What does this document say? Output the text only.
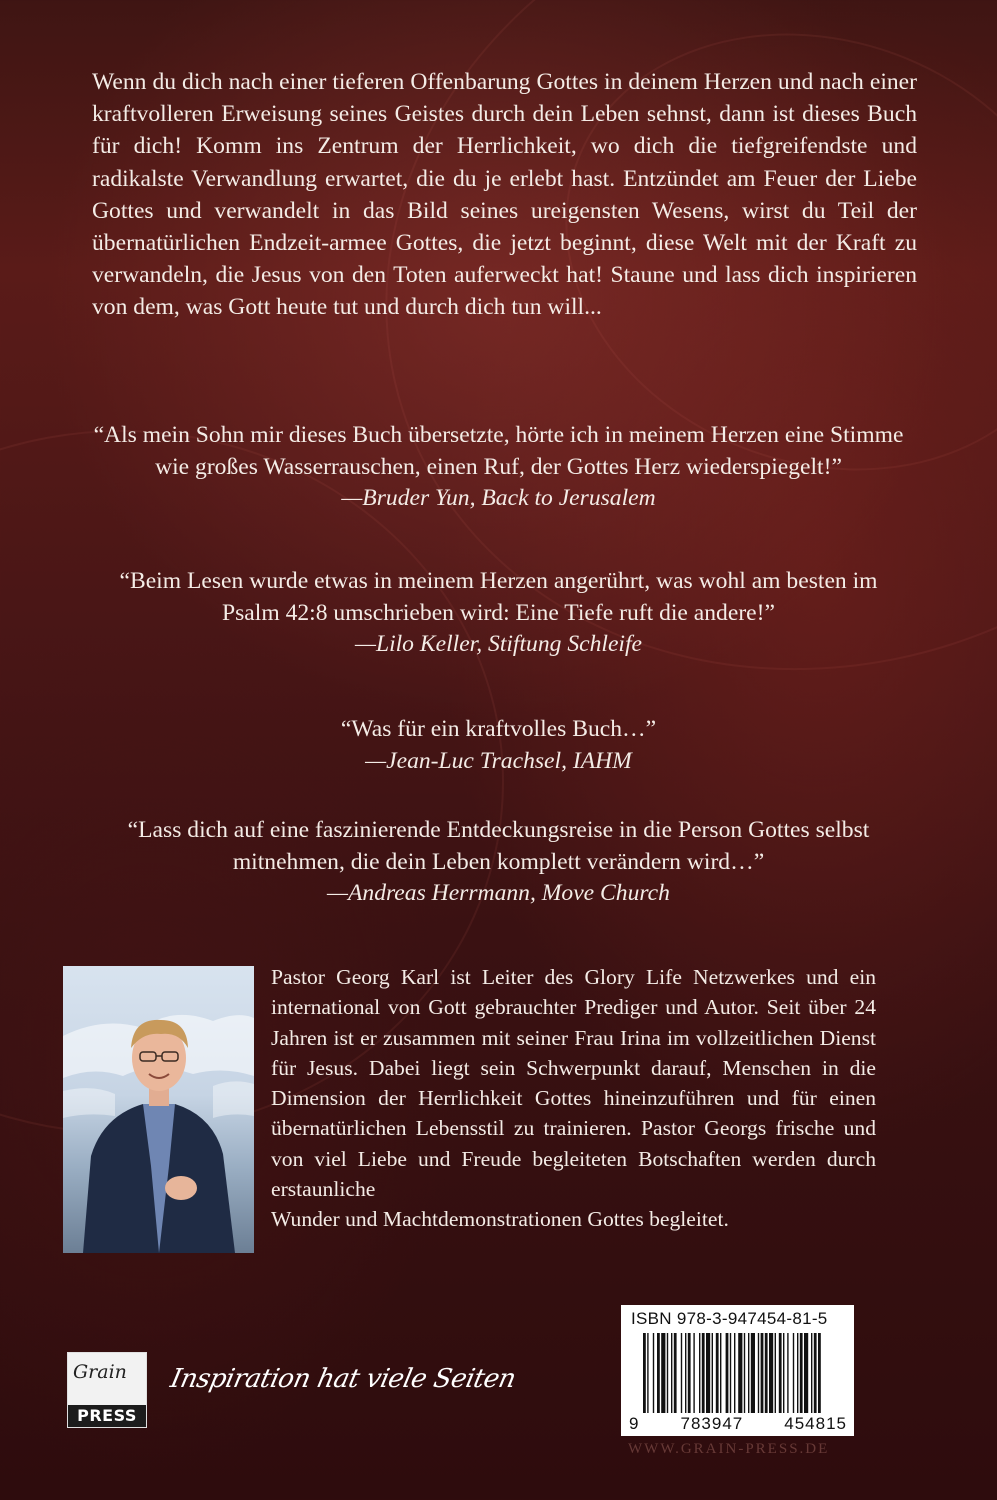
Wenn du dich nach einer tieferen Offenbarung Gottes in deinem Herzen und nach einer kraftvolleren Erweisung seines Geistes durch dein Leben sehnst, dann ist dieses Buch für dich! Komm ins Zentrum der Herrlichkeit, wo dich die tiefgreifendste und radikalste Verwandlung erwartet, die du je erlebt hast. Entzündet am Feuer der Liebe Gottes und verwandelt in das Bild seines ureigensten Wesens, wirst du Teil der übernatürlichen Endzeit-armee Gottes, die jetzt beginnt, diese Welt mit der Kraft zu verwandeln, die Jesus von den Toten auferweckt hat! Staune und lass dich inspirieren von dem, was Gott heute tut und durch dich tun will...

“Als mein Sohn mir dieses Buch übersetzte, hörte ich in meinem Herzen eine Stimme wie großes Wasserrauschen, einen Ruf, der Gottes Herz wiederspiegelt!”

—Bruder Yun, Back to Jerusalem

“Beim Lesen wurde etwas in meinem Herzen angerührt, was wohl am besten im Psalm 42:8 umschrieben wird: Eine Tiefe ruft die andere!”

—Lilo Keller, Stiftung Schleife

“Was für ein kraftvolles Buch…”

—Jean-Luc Trachsel, IAHM

“Lass dich auf eine faszinierende Entdeckungsreise in die Person Gottes selbst mitnehmen, die dein Leben komplett verändern wird…”

—Andreas Herrmann, Move Church

Pastor Georg Karl ist Leiter des Glory Life Netzwerkes und ein international von Gott gebrauchter Prediger und Autor. Seit über 24 Jahren ist er zusammen mit seiner Frau Irina im vollzeitlichen Dienst für Jesus. Dabei liegt sein Schwerpunkt darauf, Menschen in die Dimension der Herrlichkeit Gottes hineinzuführen und für einen übernatürlichen Lebensstil zu trainieren. Pastor Georgs frische und von viel Liebe und Freude begleiteten Botschaften werden durch erstaunliche
Wunder und Machtdemonstrationen Gottes begleitet.

Grain
PRESS
Inspiration hat viele Seiten
ISBN 978-3-947454-81-5
9 783947 454815
WWW.GRAIN-PRESS.DE
